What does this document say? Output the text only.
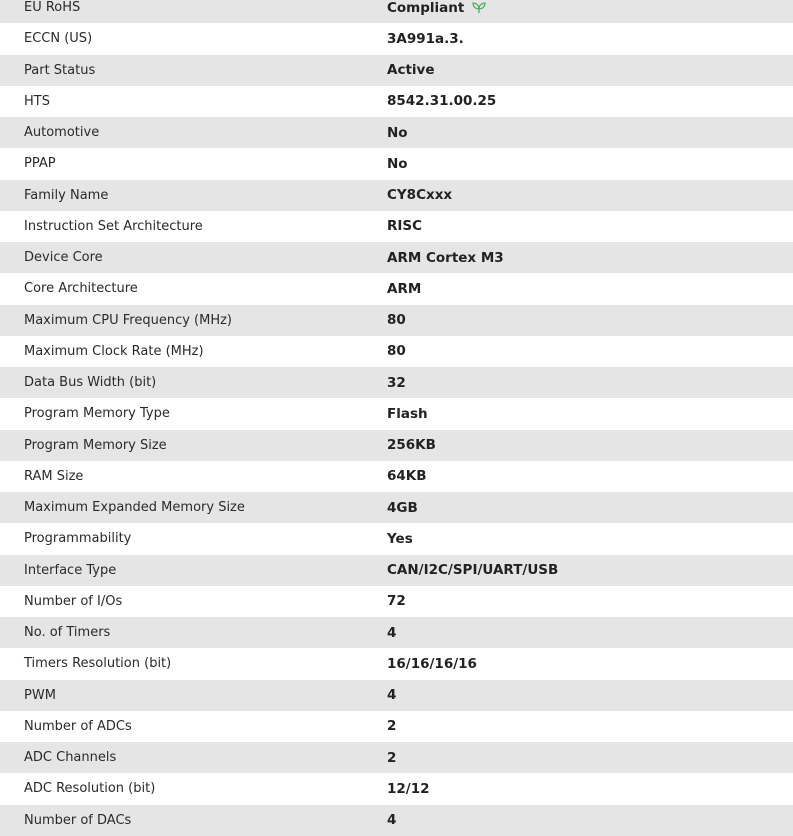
EU RoHS	Compliant
ECCN (US)	3A991a.3.
Part Status	Active
HTS	8542.31.00.25
Automotive	No
PPAP	No
Family Name	CY8Cxxx
Instruction Set Architecture	RISC
Device Core	ARM Cortex M3
Core Architecture	ARM
Maximum CPU Frequency (MHz)	80
Maximum Clock Rate (MHz)	80
Data Bus Width (bit)	32
Program Memory Type	Flash
Program Memory Size	256KB
RAM Size	64KB
Maximum Expanded Memory Size	4GB
Programmability	Yes
Interface Type	CAN/I2C/SPI/UART/USB
Number of I/Os	72
No. of Timers	4
Timers Resolution (bit)	16/16/16/16
PWM	4
Number of ADCs	2
ADC Channels	2
ADC Resolution (bit)	12/12
Number of DACs	4
